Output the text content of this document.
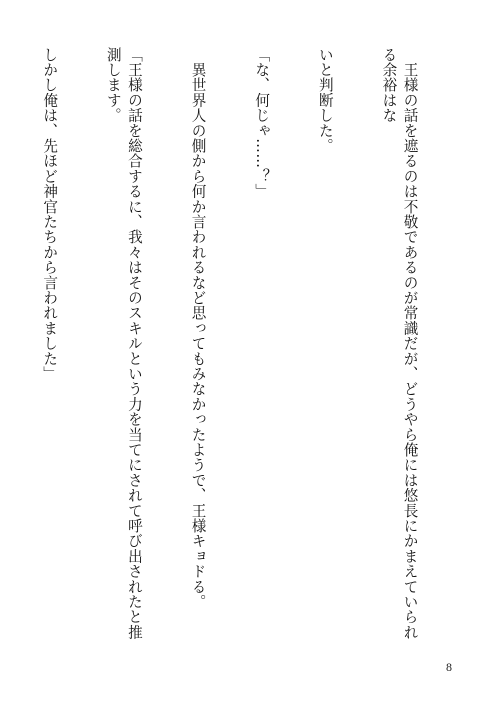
　王様の話を遮るのは不敬であるのが常識だが、どうやら俺には悠長にかまえていられる余裕はな

いと判断した。

「な、何じゃ……？」

　異世界人の側から何か言われるなど思ってもみなかったようで、王様キョドる。

「王様の話を総合するに、我々はそのスキルという力を当てにされて呼び出されたと推測します。

しかし俺は、先ほど神官たちから言われました」

8
